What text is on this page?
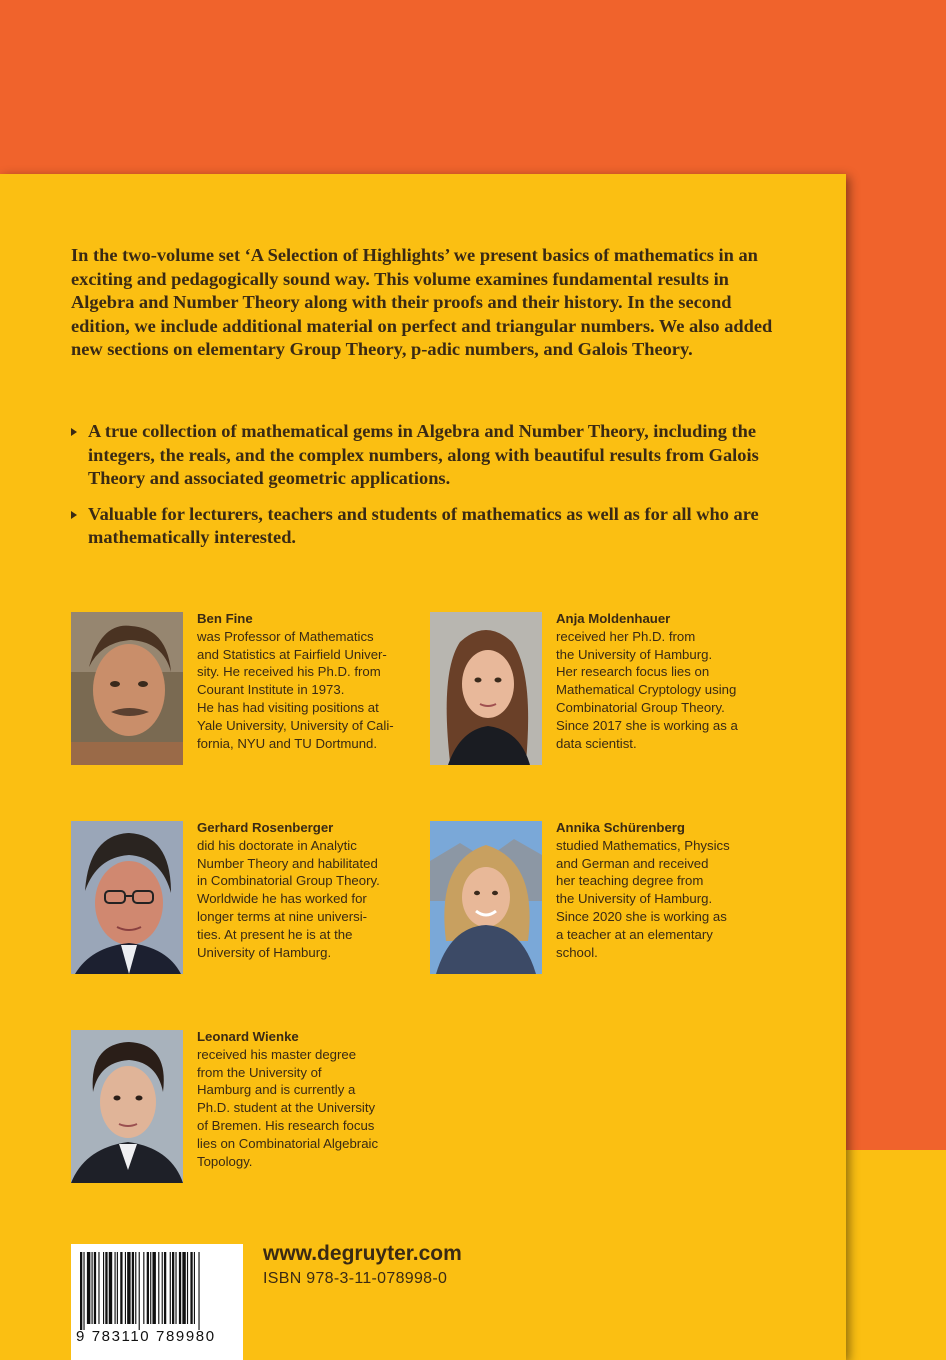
In the two-volume set ‘A Selection of Highlights’ we present basics of mathematics in an exciting and pedagogically sound way. This volume examines fundamental results in Algebra and Number Theory along with their proofs and their history. In the second edition, we include additional material on perfect and triangular numbers. We also added new sections on elementary Group Theory, p-adic numbers, and Galois Theory.

A true collection of mathematical gems in Algebra and Number Theory, including the integers, the reals, and the complex numbers, along with beautiful results from Galois Theory and associated geometric applications.
Valuable for lecturers, teachers and students of mathematics as well as for all who are mathematically interested.
Ben Fine
was Professor of Mathematics
and Statistics at Fairfield Univer-
sity. He received his Ph.D. from
Courant Institute in 1973.
He has had visiting positions at
Yale University, University of Cali-
fornia, NYU and TU Dortmund.
Anja Moldenhauer
received her Ph.D. from
the University of Hamburg.
Her research focus lies on
Mathematical Cryptology using
Combinatorial Group Theory.
Since 2017 she is working as a
data scientist.
Gerhard Rosenberger
did his doctorate in Analytic
Number Theory and habilitated
in Combinatorial Group Theory.
Worldwide he has worked for
longer terms at nine universi-
ties. At present he is at the
University of Hamburg.
Annika Schürenberg
studied Mathematics, Physics
and German and received
her teaching degree from
the University of Hamburg.
Since 2020 she is working as
a teacher at an elementary
school.
Leonard Wienke
received his master degree
from the University of
Hamburg and is currently a
Ph.D. student at the University
of Bremen. His research focus
lies on Combinatorial Algebraic
Topology.
9 783110 789980
www.degruyter.com
ISBN 978-3-11-078998-0
